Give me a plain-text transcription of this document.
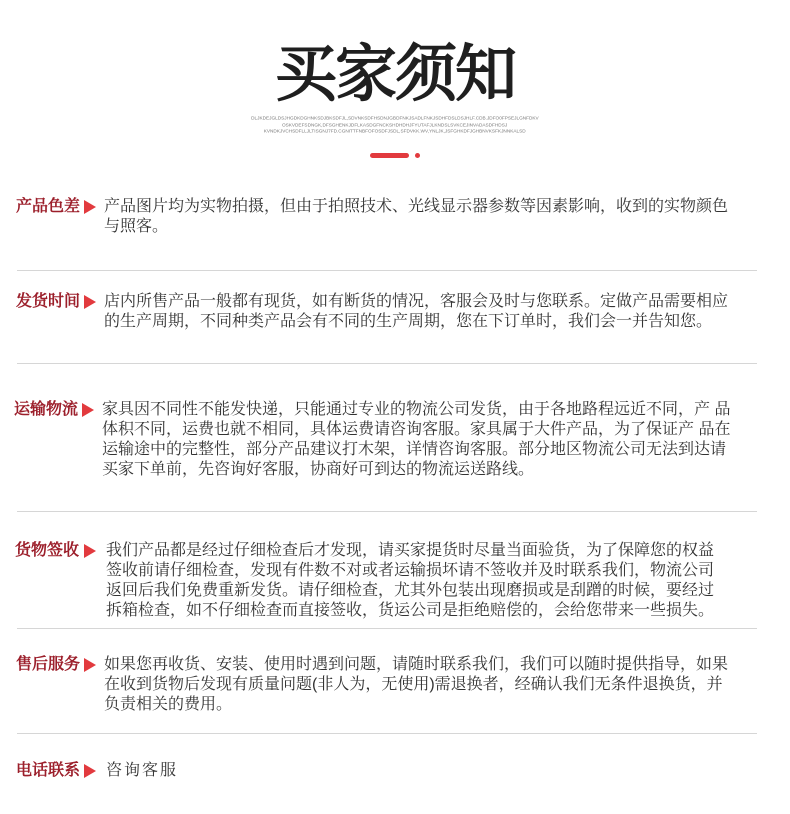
买家须知
DLJKDEJGLDSJHGDKDGHNKSDJBKSDFJL,SDVNKSDFHSDNJGBDFNKJSADLFNKJSDHFDSLDSJHLF.CDB.JDFO0FPSEJLGNFDKV
OSKVDEFSDNGK,DFSGHENKJDFLKASDGFNCKSHDHDHJFYUTAFJLKNDSLSVKCEJINVADASDFHDSJ
KVNDKJVCHSDFLLJLTISGNJ7FD.CGNITTFNBFOFOSDFJSDL,SFDVKK.WV,YNLJK,JSFGHKDFJGHBNVKSFKJNNKALSD
产品色差 产品图片均为实物拍摄，但由于拍照技术、光线显示器参数等因素影响，收到的实物颜色
与照客。
发货时间 店内所售产品一般都有现货，如有断货的情况，客服会及时与您联系。定做产品需要相应
的生产周期，不同种类产品会有不同的生产周期，您在下订单时，我们会一并告知您。
运输物流 家具因不同性不能发快递，只能通过专业的物流公司发货，由于各地路程远近不同，产 品
体积不同，运费也就不相同，具体运费请咨询客服。家具属于大件产品，为了保证产 品在
运输途中的完整性，部分产品建议打木架，详情咨询客服。部分地区物流公司无法到达请
买家下单前，先咨询好客服，协商好可到达的物流运送路线。
货物签收 我们产品都是经过仔细检查后才发现，请买家提货时尽量当面验货，为了保障您的权益
签收前请仔细检查，发现有件数不对或者运输损坏请不签收并及时联系我们，物流公司
返回后我们免费重新发货。请仔细检查，尤其外包装出现磨损或是刮蹭的时候，要经过
拆箱检查，如不仔细检查而直接签收，货运公司是拒绝赔偿的，会给您带来一些损失。
售后服务 如果您再收货、安装、使用时遇到问题，请随时联系我们，我们可以随时提供指导，如果
在收到货物后发现有质量问题(非人为，无使用)需退换者，经确认我们无条件退换货，并
负责相关的费用。
电话联系 咨询客服
